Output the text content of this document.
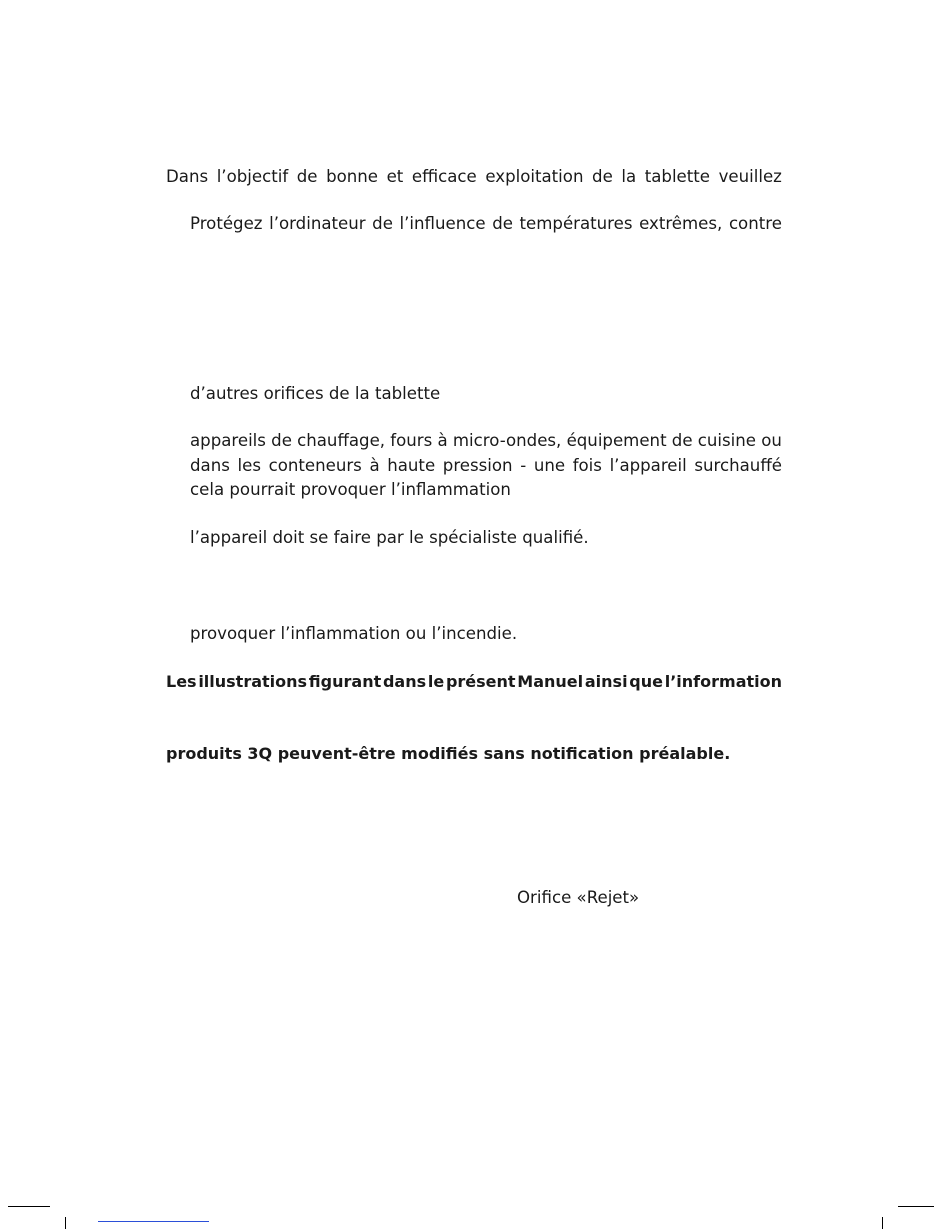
Dans l’objectif de bonne et efficace exploitation de la tablette veuillez
Protégez l’ordinateur de l’influence de températures extrêmes, contre
d’autres orifices de la tablette
appareils de chauffage, fours à micro-ondes, équipement de cuisine ou
dans les conteneurs à haute pression - une fois l’appareil surchauffé
cela pourrait provoquer l’inflammation
l’appareil doit se faire par le spécialiste qualifié.
provoquer l’inflammation ou l’incendie.
Les illustrations figurant dans le présent Manuel ainsi que l’information
produits 3Q peuvent-être modifiés sans notification préalable.
Orifice «Rejet»
